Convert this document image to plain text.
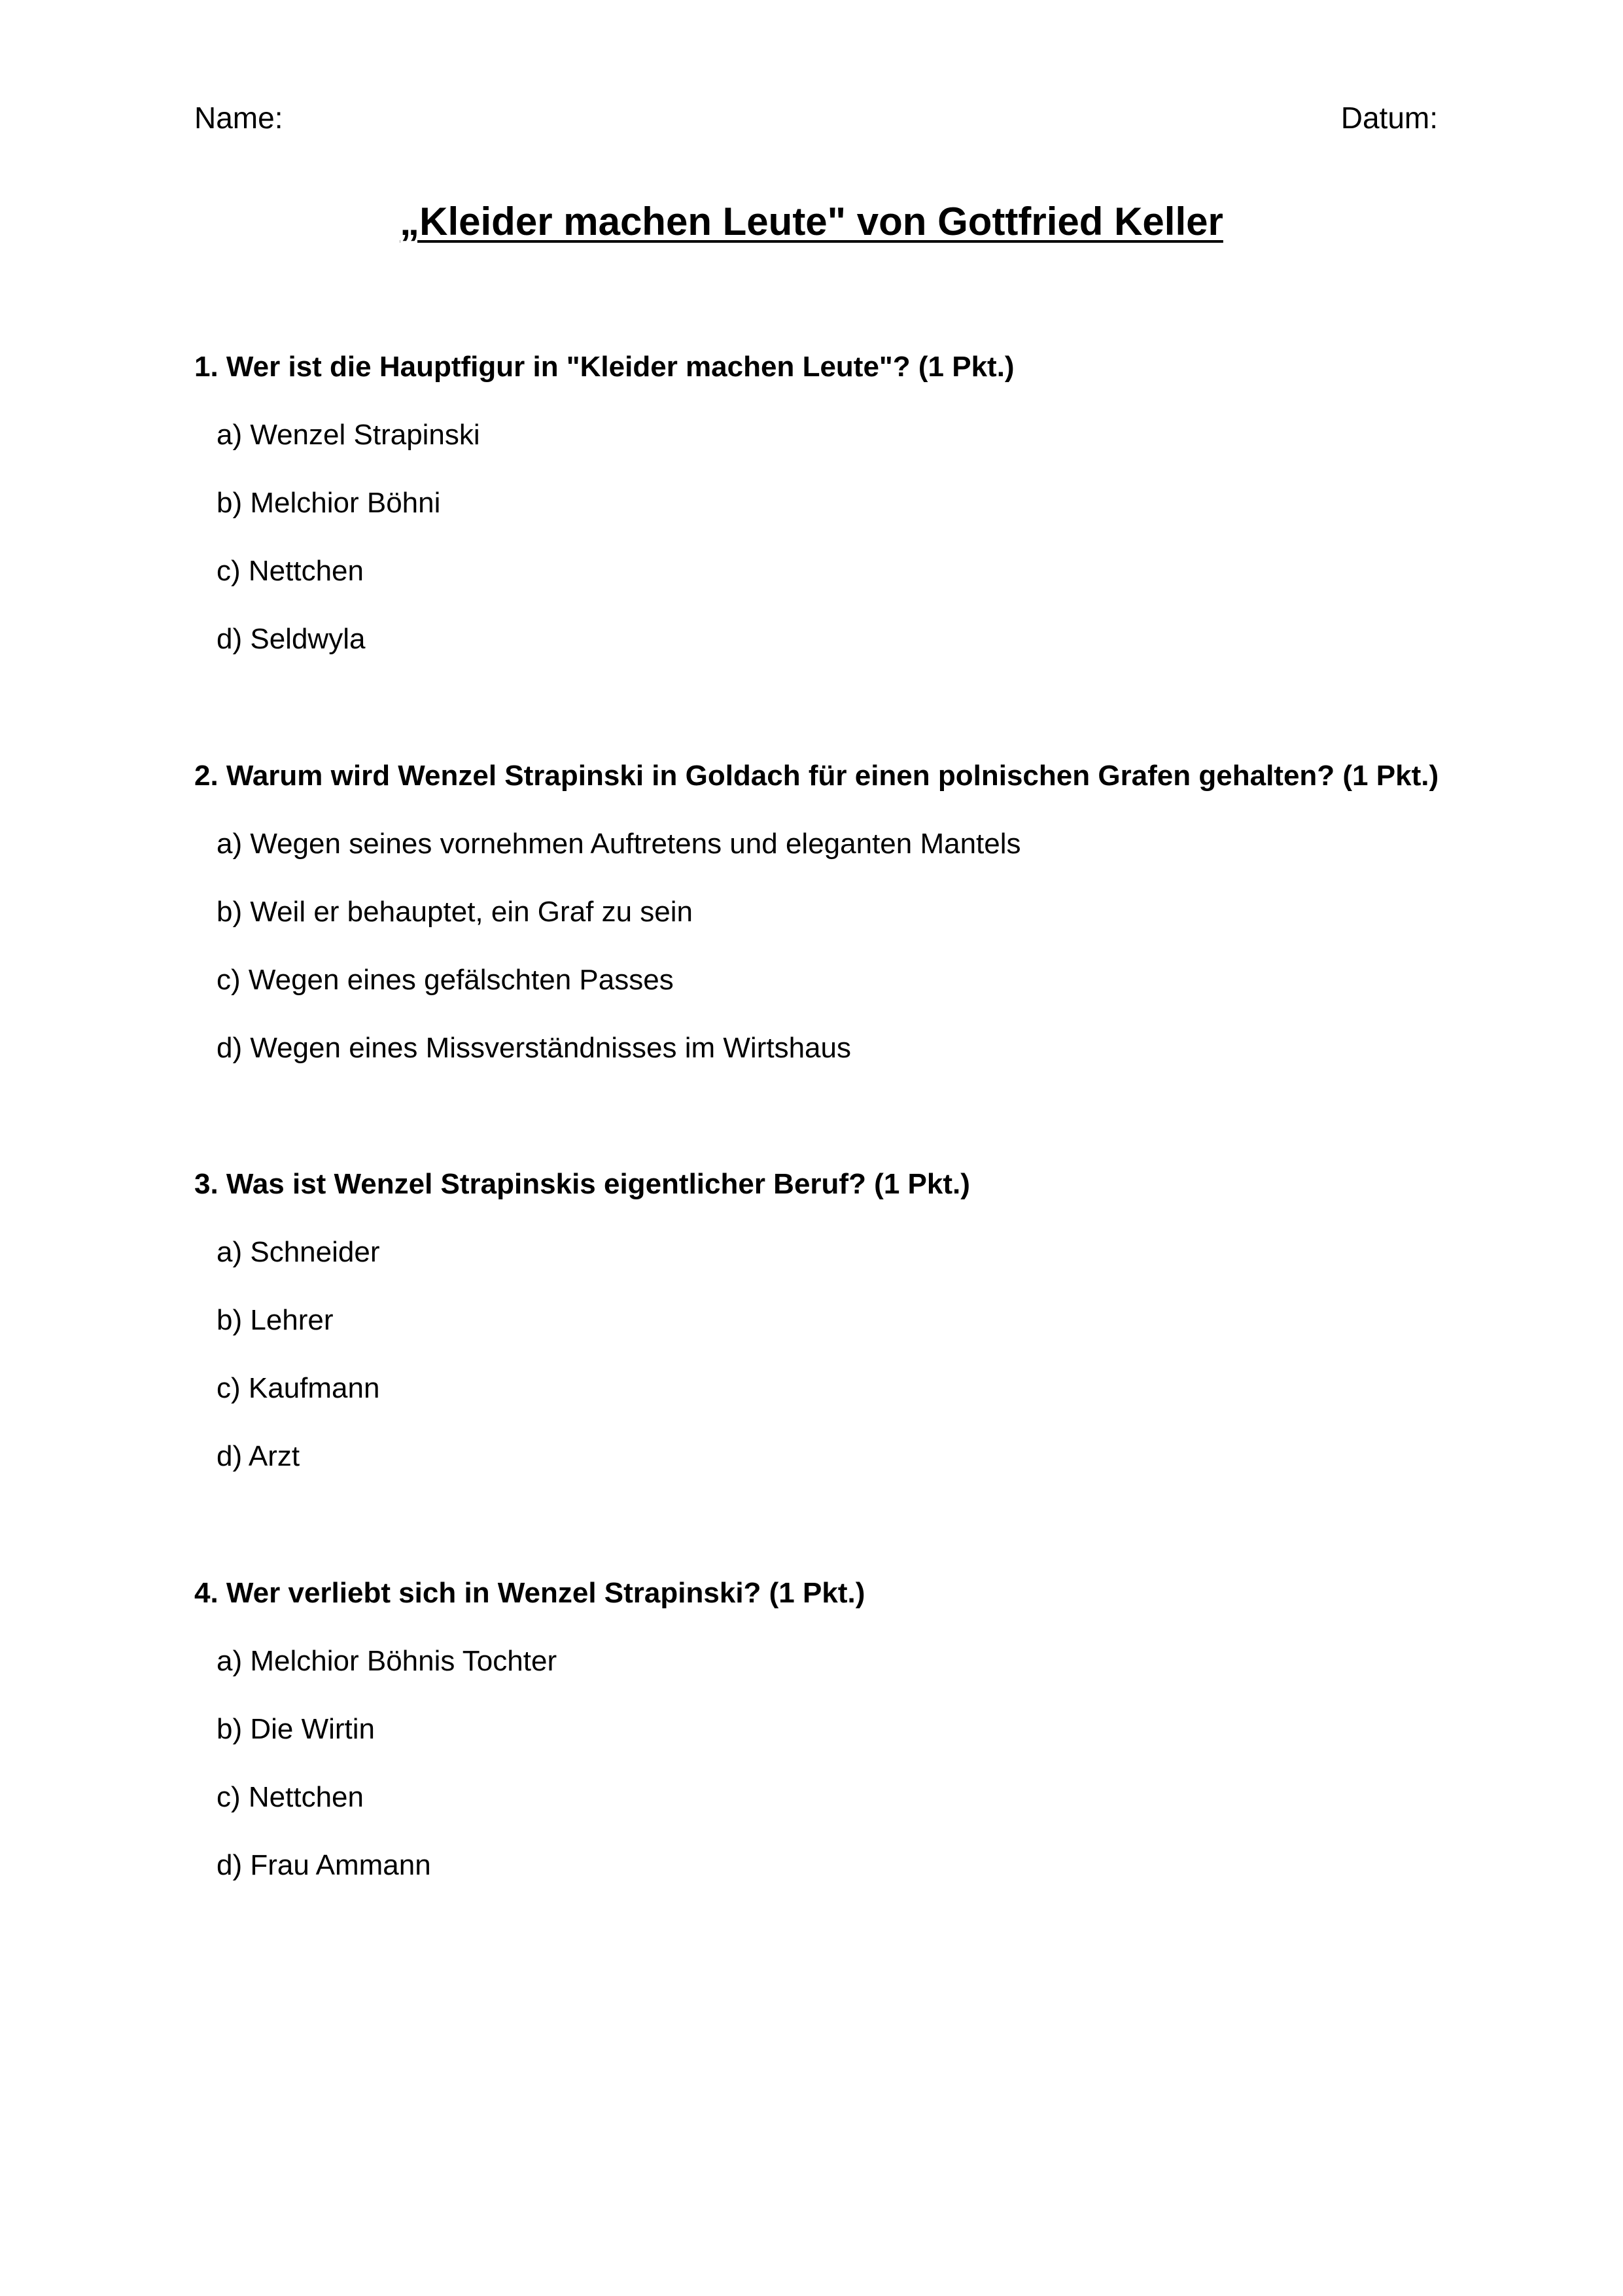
Name:	Datum:
„Kleider machen Leute" von Gottfried Keller

1. Wer ist die Hauptfigur in "Kleider machen Leute"? (1 Pkt.)

a) Wenzel Strapinski
b) Melchior Böhni
c) Nettchen
d) Seldwyla

2. Warum wird Wenzel Strapinski in Goldach für einen polnischen Grafen gehalten? (1 Pkt.)

a) Wegen seines vornehmen Auftretens und eleganten Mantels
b) Weil er behauptet, ein Graf zu sein
c) Wegen eines gefälschten Passes
d) Wegen eines Missverständnisses im Wirtshaus

3. Was ist Wenzel Strapinskis eigentlicher Beruf? (1 Pkt.)

a) Schneider
b) Lehrer
c) Kaufmann
d) Arzt

4. Wer verliebt sich in Wenzel Strapinski? (1 Pkt.)

a) Melchior Böhnis Tochter
b) Die Wirtin
c) Nettchen
d) Frau Ammann
